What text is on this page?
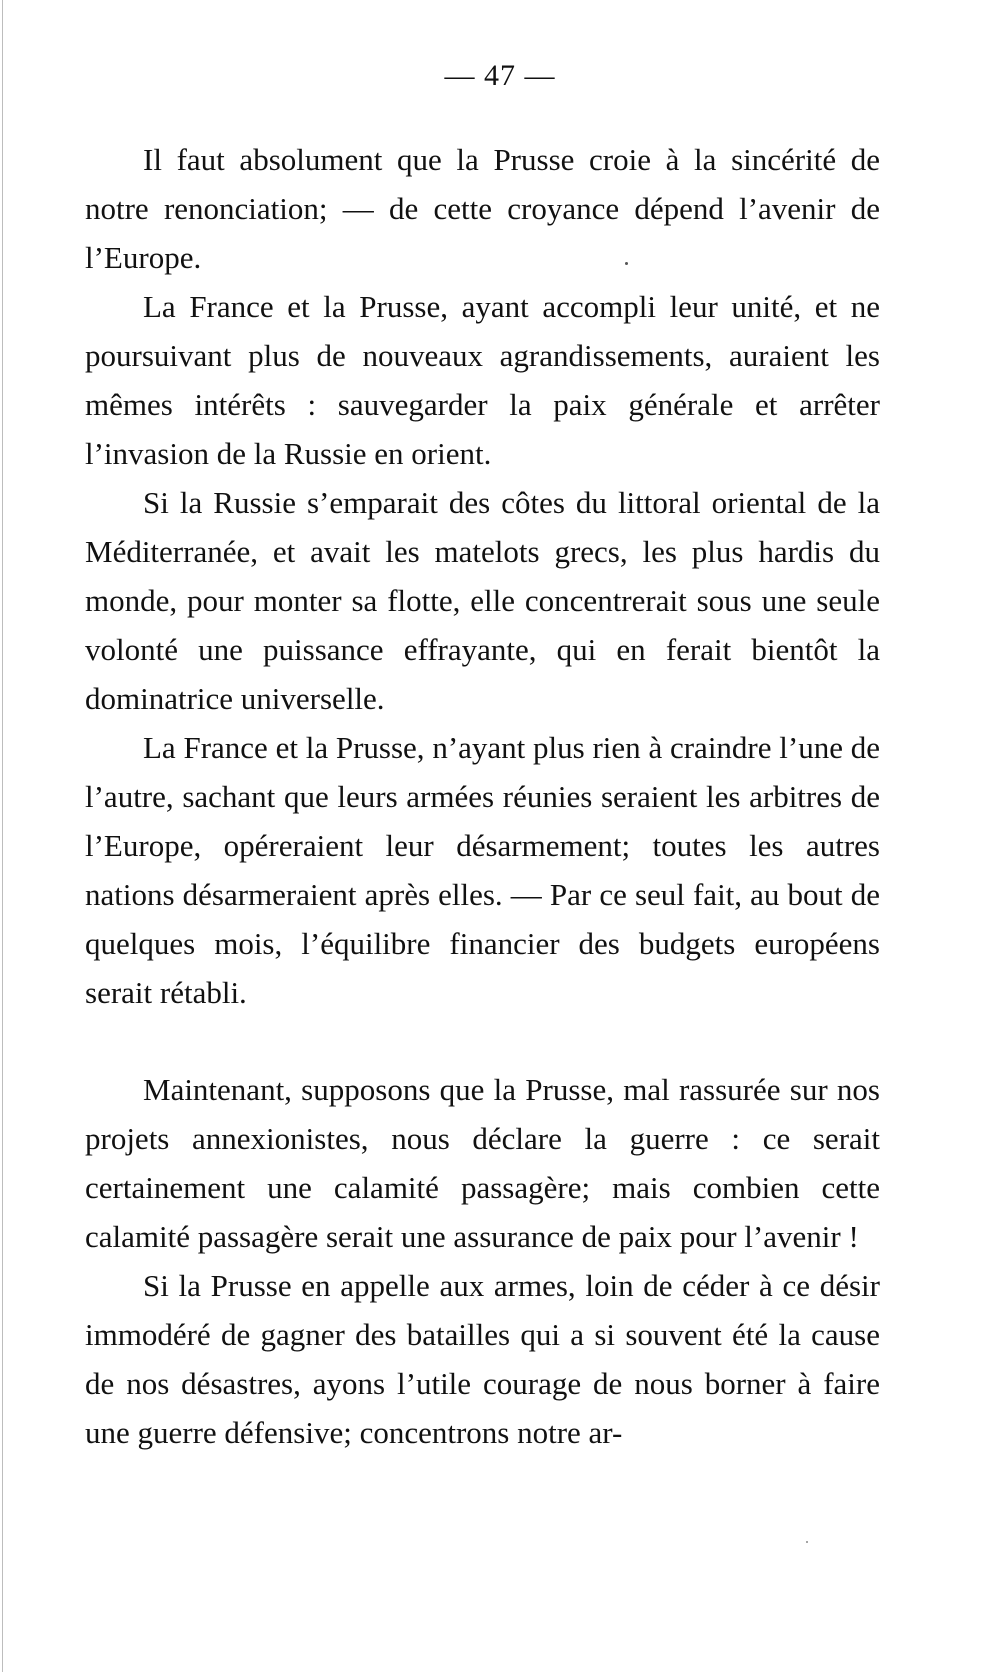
— 47 —

Il faut absolument que la Prusse croie à la sincérité de notre renonciation; — de cette croyance dépend l’avenir de l’Europe.

La France et la Prusse, ayant accompli leur unité, et ne poursuivant plus de nouveaux agrandissements, auraient les mêmes intérêts : sauvegarder la paix générale et arrêter l’invasion de la Russie en orient.

Si la Russie s’emparait des côtes du littoral oriental de la Méditerranée, et avait les matelots grecs, les plus hardis du monde, pour monter sa flotte, elle concentrerait sous une seule volonté une puissance effrayante, qui en ferait bientôt la dominatrice universelle.

La France et la Prusse, n’ayant plus rien à craindre l’une de l’autre, sachant que leurs armées réunies seraient les arbitres de l’Europe, opéreraient leur désarmement; toutes les autres nations désarmeraient après elles. — Par ce seul fait, au bout de quelques mois, l’équilibre financier des budgets européens serait rétabli.

Maintenant, supposons que la Prusse, mal rassurée sur nos projets annexionistes, nous déclare la guerre : ce serait certainement une calamité passagère; mais combien cette calamité passagère serait une assurance de paix pour l’avenir !

Si la Prusse en appelle aux armes, loin de céder à ce désir immodéré de gagner des batailles qui a si souvent été la cause de nos désastres, ayons l’utile courage de nous borner à faire une guerre défensive; concentrons notre ar-
